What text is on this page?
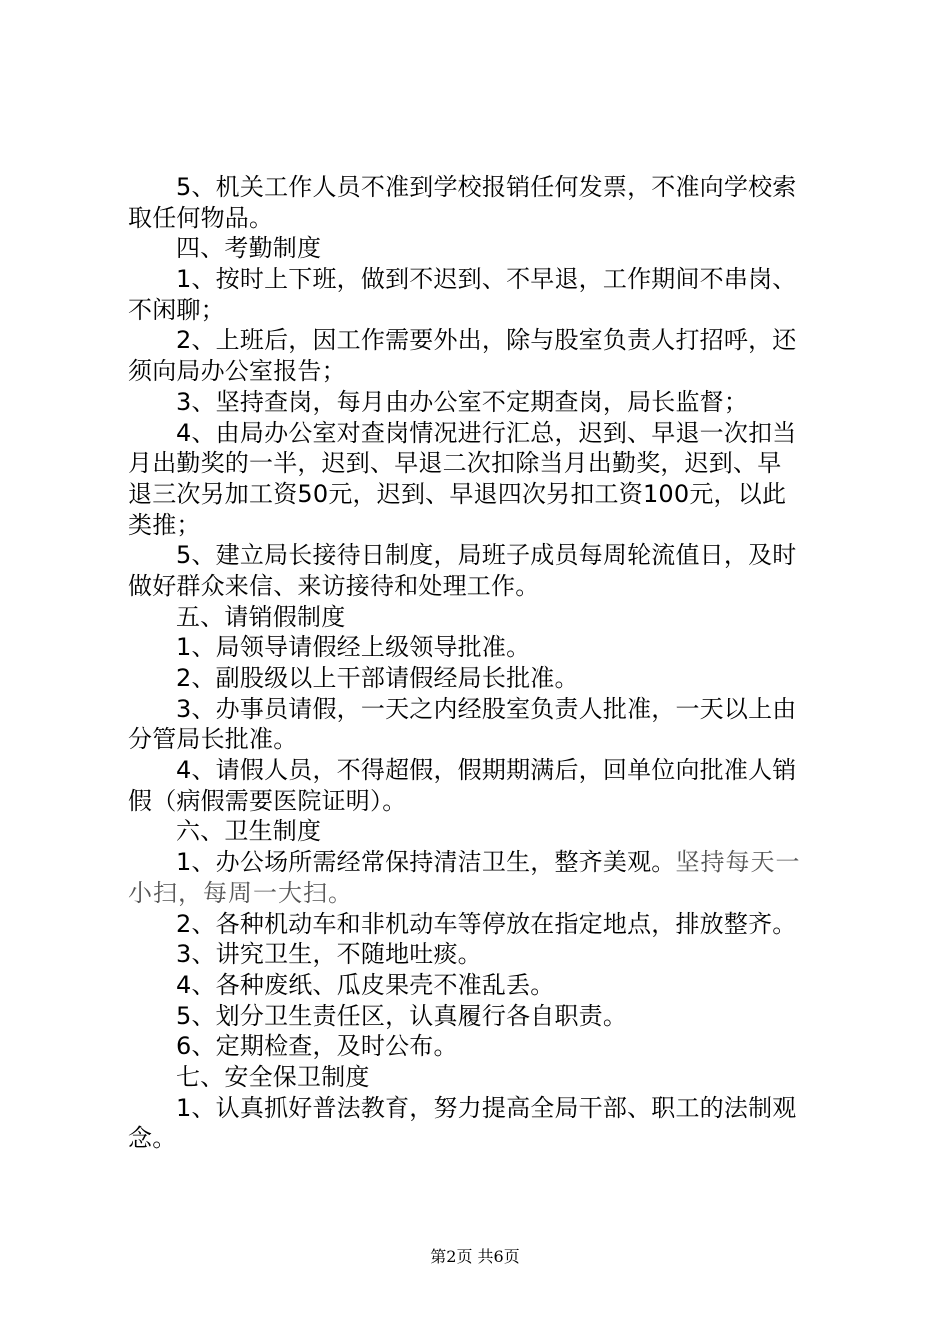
5、机关工作人员不准到学校报销任何发票，不准向学校索
取任何物品。
四、考勤制度
1、按时上下班，做到不迟到、不早退，工作期间不串岗、
不闲聊；
2、上班后，因工作需要外出，除与股室负责人打招呼，还
须向局办公室报告；
3、坚持查岗，每月由办公室不定期查岗，局长监督；
4、由局办公室对查岗情况进行汇总，迟到、早退一次扣当
月出勤奖的一半，迟到、早退二次扣除当月出勤奖，迟到、早
退三次另加工资50元，迟到、早退四次另扣工资100元，以此
类推；
5、建立局长接待日制度，局班子成员每周轮流值日，及时
做好群众来信、来访接待和处理工作。
五、请销假制度
1、局领导请假经上级领导批准。
2、副股级以上干部请假经局长批准。
3、办事员请假，一天之内经股室负责人批准，一天以上由
分管局长批准。
4、请假人员，不得超假，假期期满后，回单位向批准人销
假（病假需要医院证明）。
六、卫生制度
1、办公场所需经常保持清洁卫生，整齐美观。坚持每天一
小扫，每周一大扫。
2、各种机动车和非机动车等停放在指定地点，排放整齐。
3、讲究卫生，不随地吐痰。
4、各种废纸、瓜皮果壳不准乱丢。
5、划分卫生责任区，认真履行各自职责。
6、定期检查，及时公布。
七、安全保卫制度
1、认真抓好普法教育，努力提高全局干部、职工的法制观
念。
第2页 共6页
